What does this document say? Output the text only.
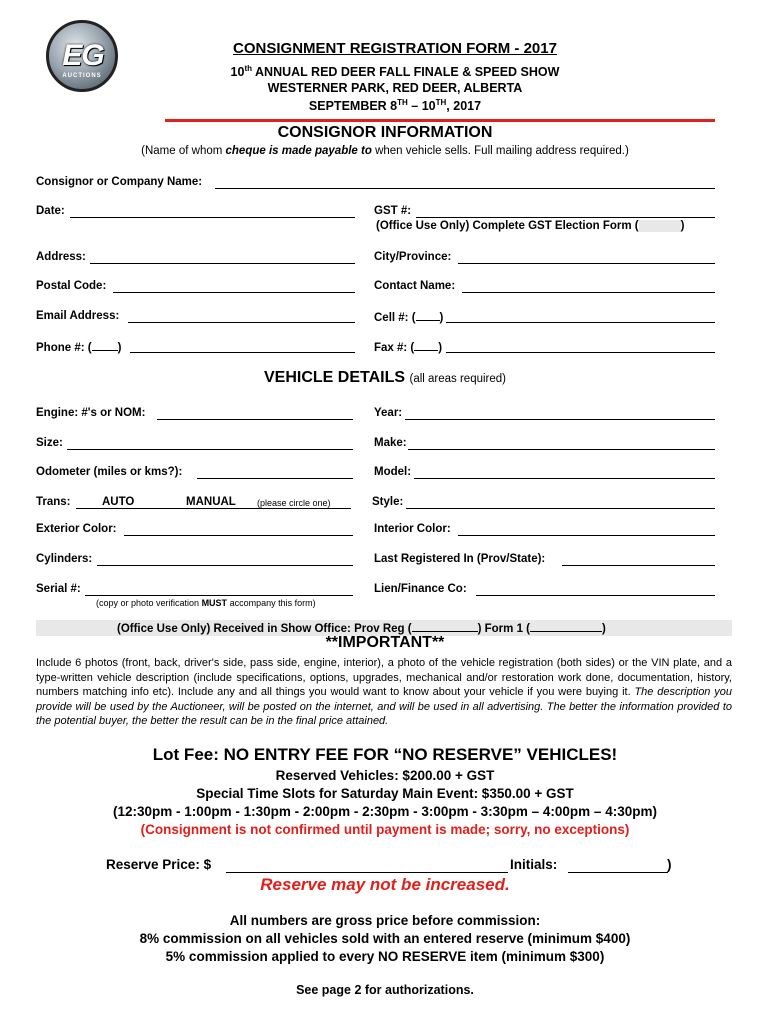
EG
AUCTIONS
CONSIGNMENT REGISTRATION FORM - 2017
10th ANNUAL RED DEER FALL FINALE & SPEED SHOW
WESTERNER PARK, RED DEER, ALBERTA
SEPTEMBER 8TH – 10TH, 2017
CONSIGNOR INFORMATION
(Name of whom cheque is made payable to when vehicle sells. Full mailing address required.)
Consignor or Company Name:
Date:	GST #:
(Office Use Only) Complete GST Election Form (	)
Address:	City/Province:
Postal Code:	Contact Name:
Email Address:	Cell #: ( )
Phone #: ( )	Fax #: ( )
VEHICLE DETAILS (all areas required)
Engine: #'s or NOM:	Year:
Size:	Make:
Odometer (miles or kms?):	Model:
Trans:	AUTO	MANUAL (please circle one)	Style:
Exterior Color:	Interior Color:
Cylinders:	Last Registered In (Prov/State):
Serial #:	Lien/Finance Co:
(copy or photo verification MUST accompany this form)
(Office Use Only) Received in Show Office: Prov Reg (	) Form 1 (	)
**IMPORTANT**
Include 6 photos (front, back, driver's side, pass side, engine, interior), a photo of the vehicle registration (both sides) or the VIN plate, and a type-written vehicle description (include specifications, options, upgrades, mechanical and/or restoration work done, documentation, history, numbers matching info etc). Include any and all things you would want to know about your vehicle if you were buying it. The description you provide will be used by the Auctioneer, will be posted on the internet, and will be used in all advertising. The better the information provided to the potential buyer, the better the result can be in the final price attained.
Lot Fee: NO ENTRY FEE FOR “NO RESERVE” VEHICLES!
Reserved Vehicles: $200.00 + GST
Special Time Slots for Saturday Main Event: $350.00 + GST
(12:30pm - 1:00pm - 1:30pm - 2:00pm - 2:30pm - 3:00pm - 3:30pm – 4:00pm – 4:30pm)
(Consignment is not confirmed until payment is made; sorry, no exceptions)
Reserve Price: $	Initials:	)
Reserve may not be increased.
All numbers are gross price before commission:
8% commission on all vehicles sold with an entered reserve (minimum $400)
5% commission applied to every NO RESERVE item (minimum $300)
See page 2 for authorizations.
